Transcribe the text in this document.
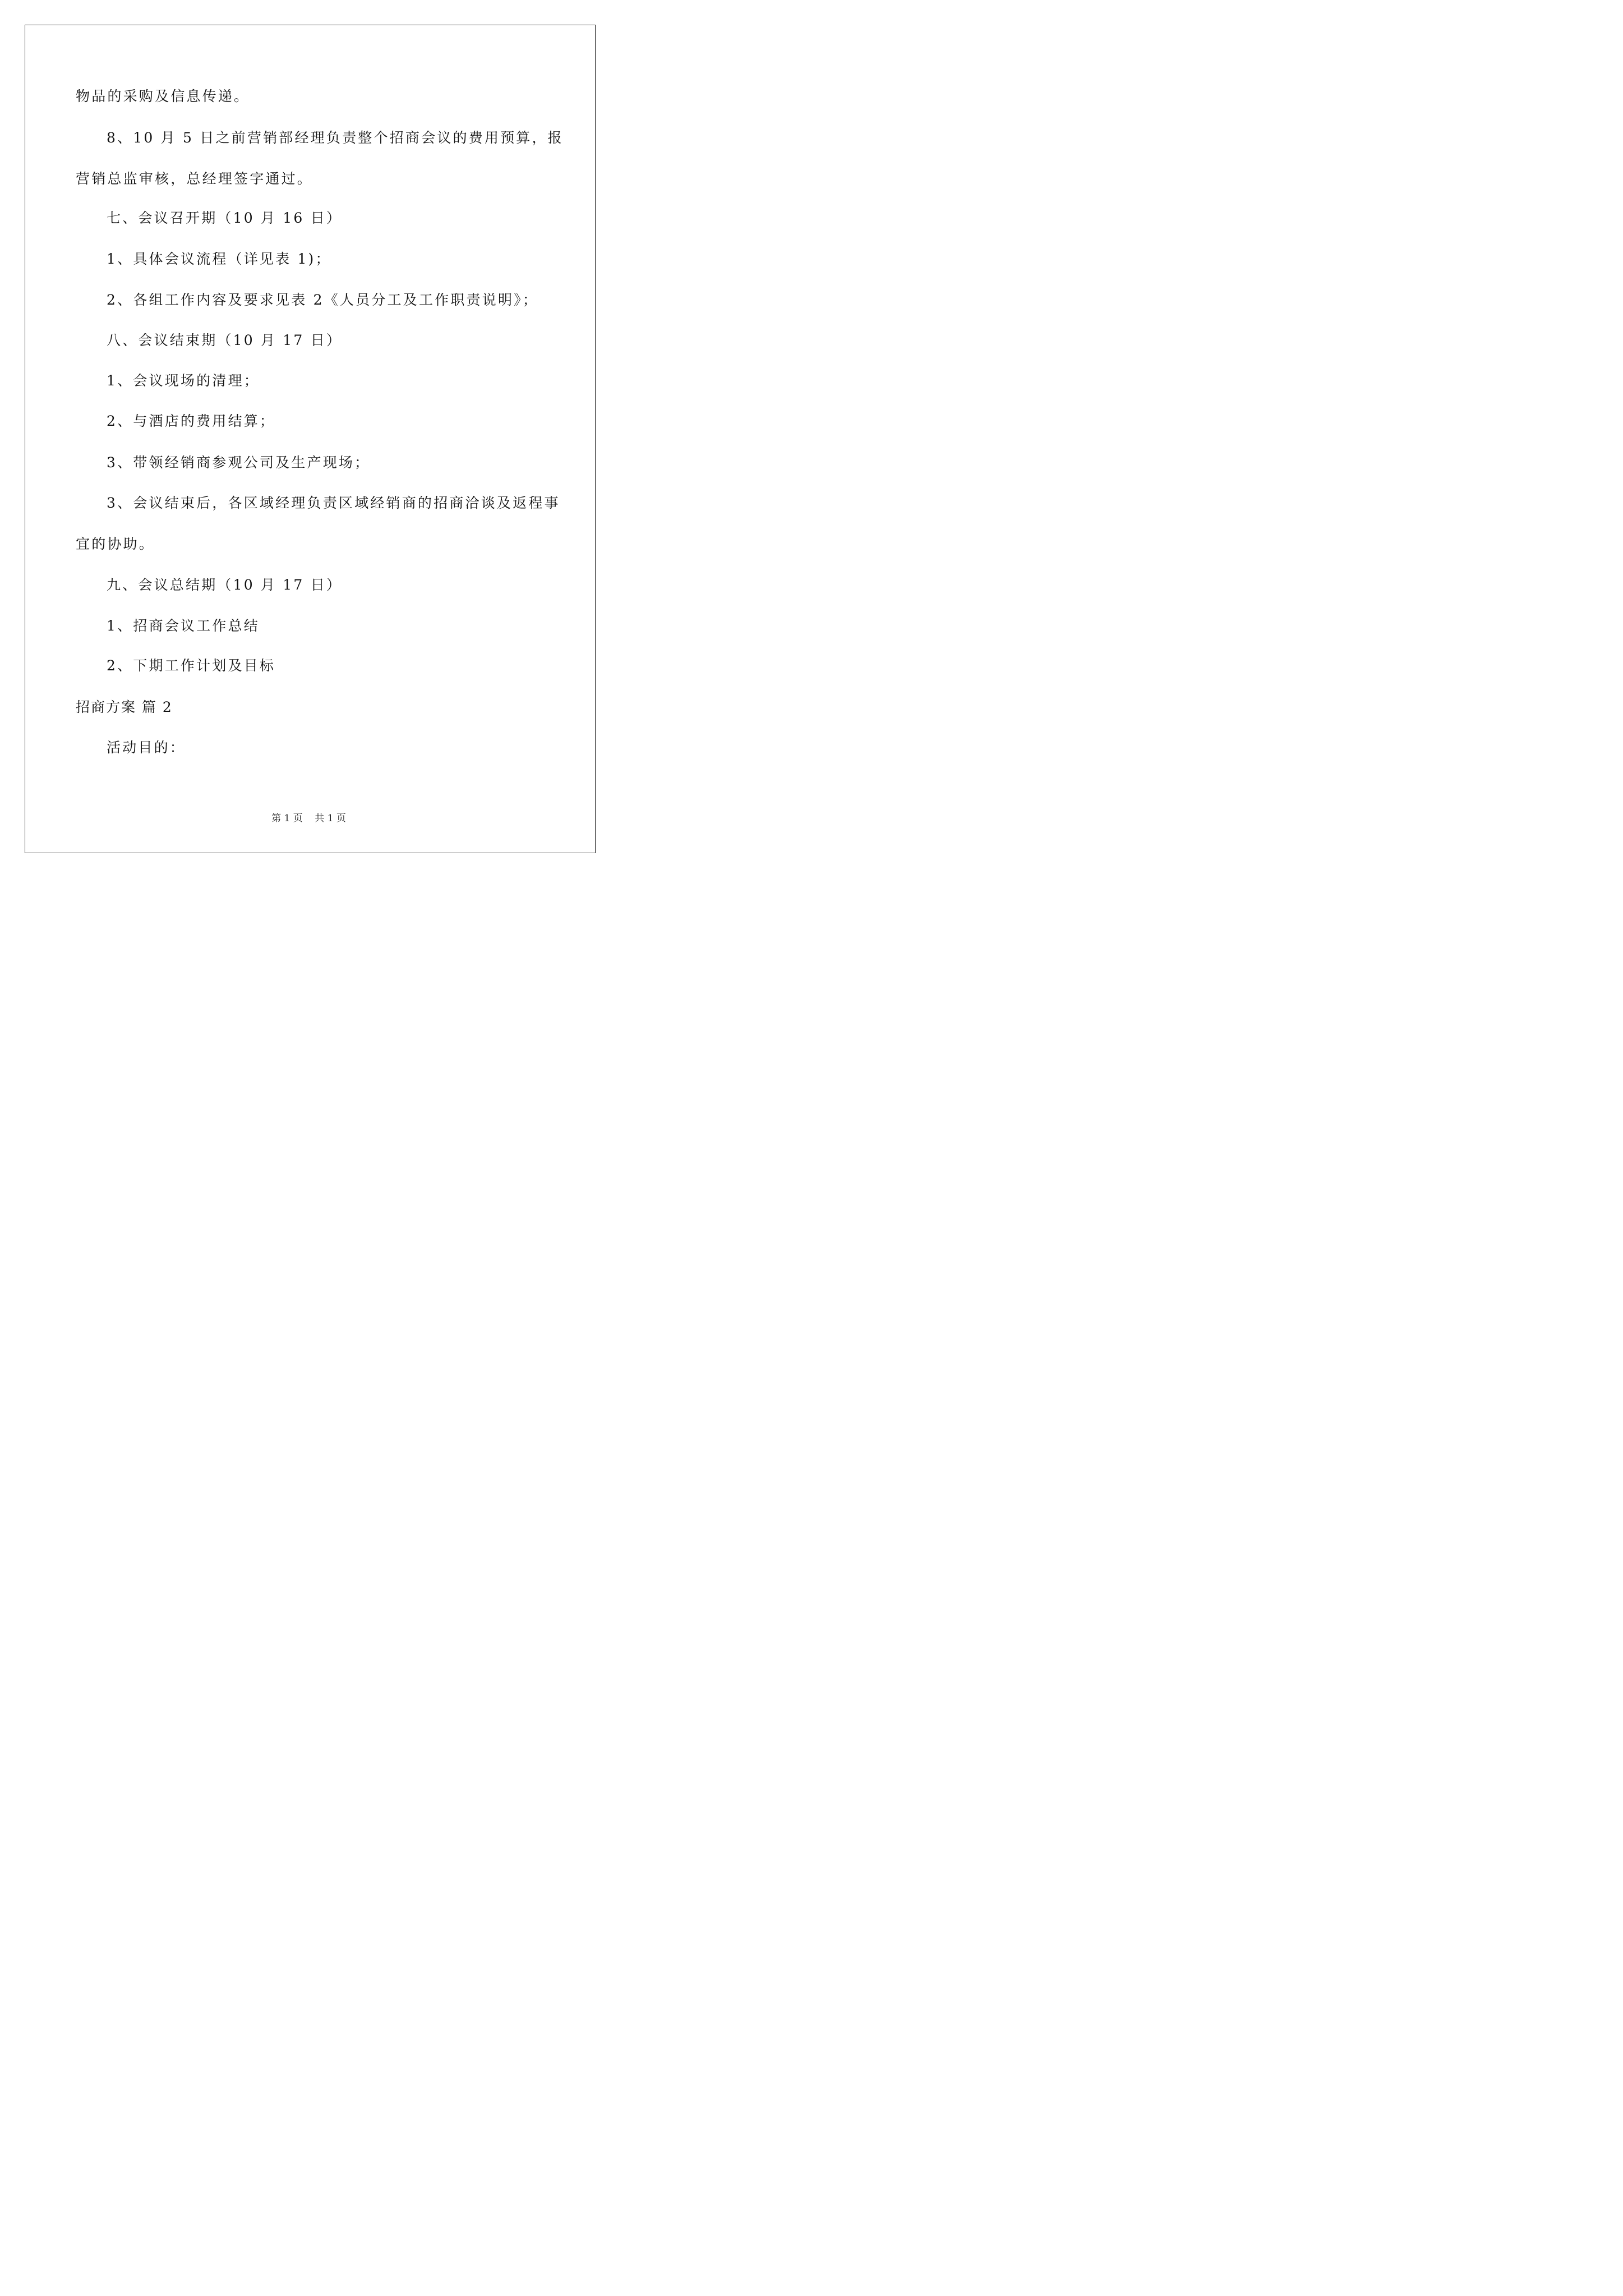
物品的采购及信息传递。
8、10 月 5 日之前营销部经理负责整个招商会议的费用预算，报
营销总监审核，总经理签字通过。
七、会议召开期（10 月 16 日）
1、具体会议流程（详见表 1)；
2、各组工作内容及要求见表 2《人员分工及工作职责说明》；
八、会议结束期（10 月 17 日）
1、会议现场的清理；
2、与酒店的费用结算；
3、带领经销商参观公司及生产现场；
3、会议结束后，各区域经理负责区域经销商的招商洽谈及返程事
宜的协助。
九、会议总结期（10 月 17 日）
1、招商会议工作总结
2、下期工作计划及目标
招商方案 篇 2
活动目的：
第 1 页    共 1 页
